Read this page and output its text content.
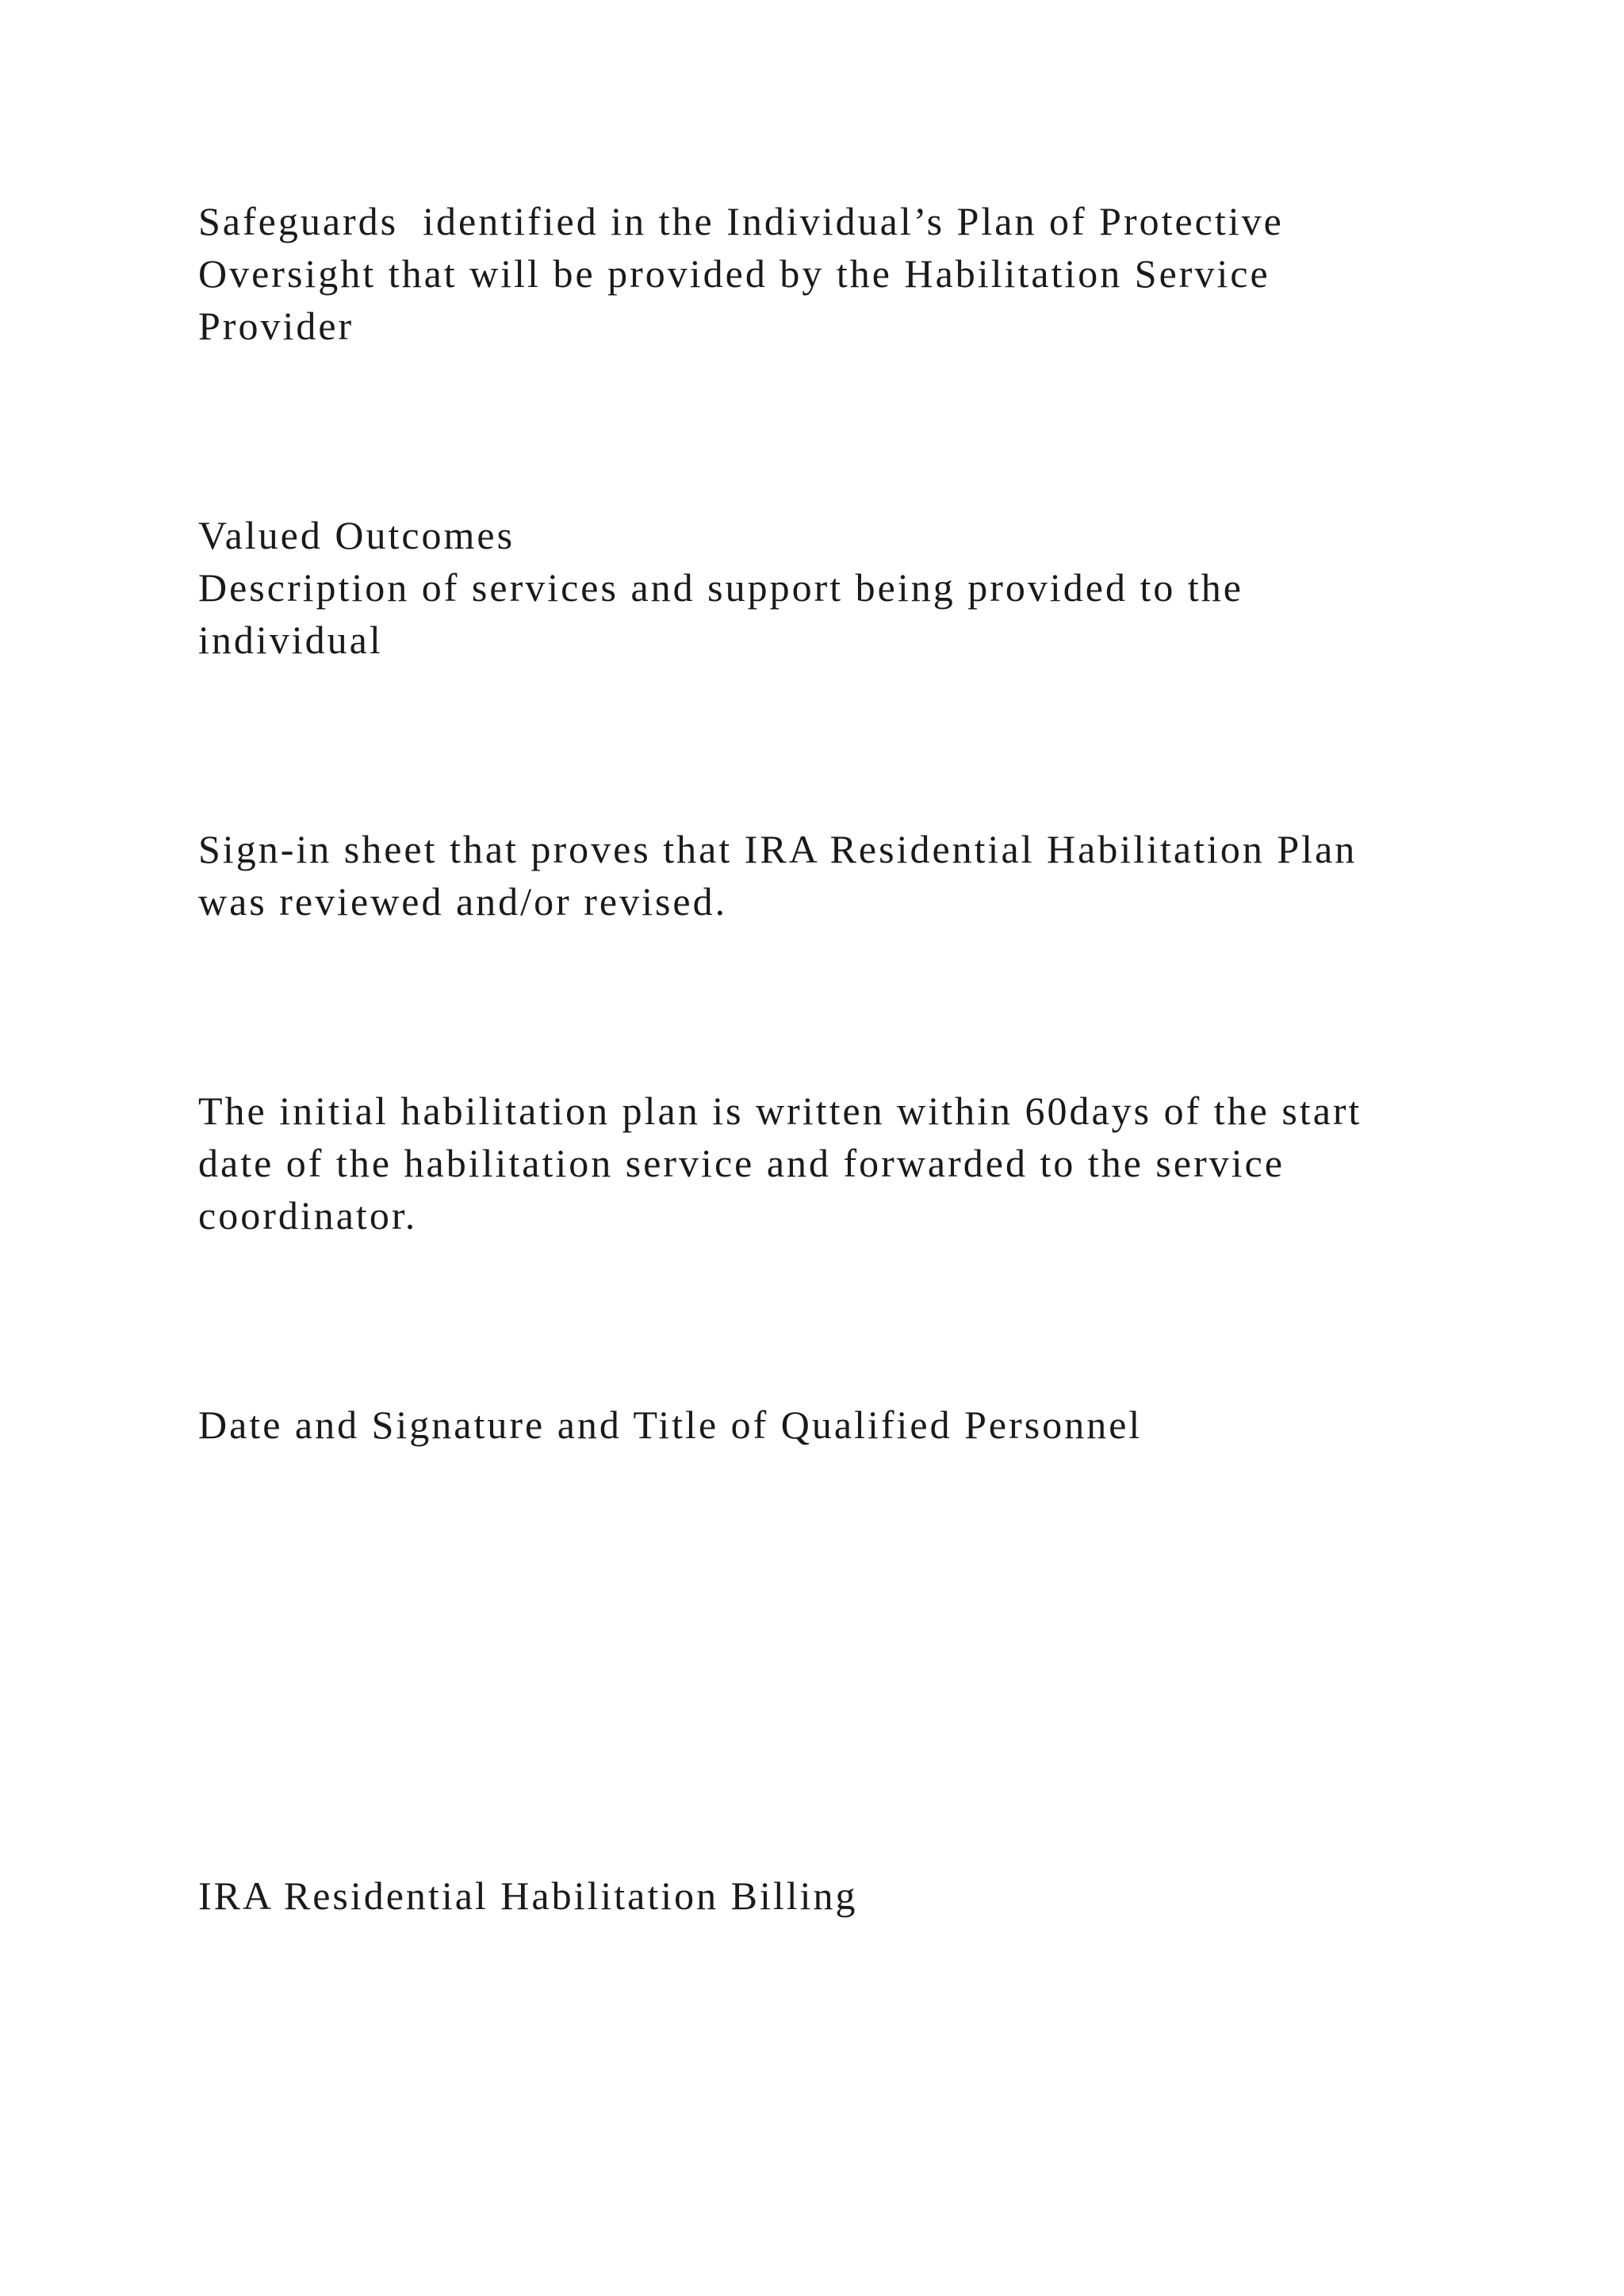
Safeguards  identified in the Individual’s Plan of Protective

Oversight that will be provided by the Habilitation Service

Provider

Valued Outcomes

Description of services and support being provided to the

individual

Sign-in sheet that proves that IRA Residential Habilitation Plan

was reviewed and/or revised.

The initial habilitation plan is written within 60days of the start

date of the habilitation service and forwarded to the service

coordinator.

Date and Signature and Title of Qualified Personnel

IRA Residential Habilitation Billing
